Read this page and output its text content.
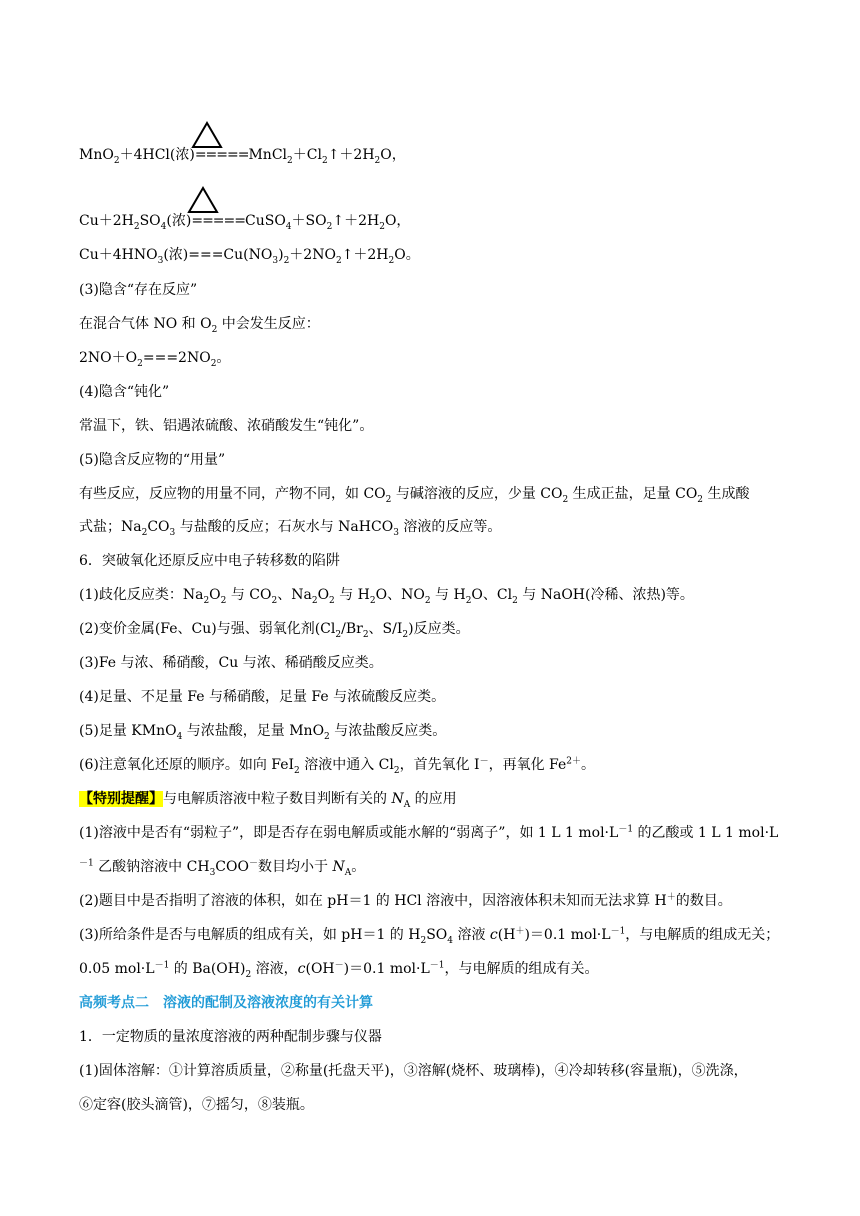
MnO$_2$＋4HCl(浓)$=====MnCl_2+Cl_2↑+2H_2O$，
$Cu+2H_2SO_4$(浓)$=====CuSO_4+SO_2↑+2H_2O$，
$Cu+4HNO_3$(浓)$===Cu(NO_3)_2+2NO_2↑+2H_2O$。
(3)隐含“存在反应”
在混合气体 NO 和 $O_2$ 中会发生反应：
$2NO+O_2===2NO_2$。
(4)隐含“钝化”
常温下，铁、铝遇浓硫酸、浓硝酸发生“钝化”。
(5)隐含反应物的“用量”
有些反应，反应物的用量不同，产物不同，如 $CO_2$ 与碱溶液的反应，少量 $CO_2$ 生成正盐，足量 $CO_2$ 生成酸
式盐；$Na_2CO_3$ 与盐酸的反应；石灰水与 NaHCO$_3$ 溶液的反应等。
6．突破氧化还原反应中电子转移数的陷阱
(1)歧化反应类：$Na_2O_2$ 与 $CO_2$、$Na_2O_2$ 与 $H_2O$、$NO_2$ 与 $H_2O$、$Cl_2$ 与 NaOH(冷稀、浓热)等。
(2)变价金属(Fe、Cu)与强、弱氧化剂($Cl_2/Br_2$、$S/I_2$)反应类。
(3)Fe 与浓、稀硝酸，Cu 与浓、稀硝酸反应类。
(4)足量、不足量 Fe 与稀硝酸，足量 Fe 与浓硫酸反应类。
(5)足量 KMnO$_4$ 与浓盐酸，足量 MnO$_2$ 与浓盐酸反应类。
(6)注意氧化还原的顺序。如向 FeI$_2$ 溶液中通入 $Cl_2$，首先氧化 I－，再氧化 $Fe^{2+}$。
【特别提醒】与电解质溶液中粒子数目判断有关的 $N_A$ 的应用
(1)溶液中是否有“弱粒子”，即是否存在弱电解质或能水解的“弱离子”，如 1 L 1 $mol\cdot L^{-1}$ 的乙酸或 1 L 1 mol·L
$^{-1}$ 乙酸钠溶液中 $CH_3COO^-$数目均小于 $N_A$。
(2)题目中是否指明了溶液的体积，如在 pH＝1 的 HCl 溶液中，因溶液体积未知而无法求算 H＋的数目。
(3)所给条件是否与电解质的组成有关，如 pH＝1 的 $H_2SO_4$ 溶液 c(H＋)＝0.1 $mol\cdot L^{-1}$，与电解质的组成无关；
0.05 $mol\cdot L^{-1}$ 的 $Ba(OH)_2$ 溶液，c(OH－)＝0.1 $mol\cdot L^{-1}$，与电解质的组成有关。
高频考点二　溶液的配制及溶液浓度的有关计算
1．一定物质的量浓度溶液的两种配制步骤与仪器
(1)固体溶解：①计算溶质质量，②称量(托盘天平)，③溶解(烧杯、玻璃棒)，④冷却转移(容量瓶)，⑤洗涤，
⑥定容(胶头滴管)，⑦摇匀，⑧装瓶。
